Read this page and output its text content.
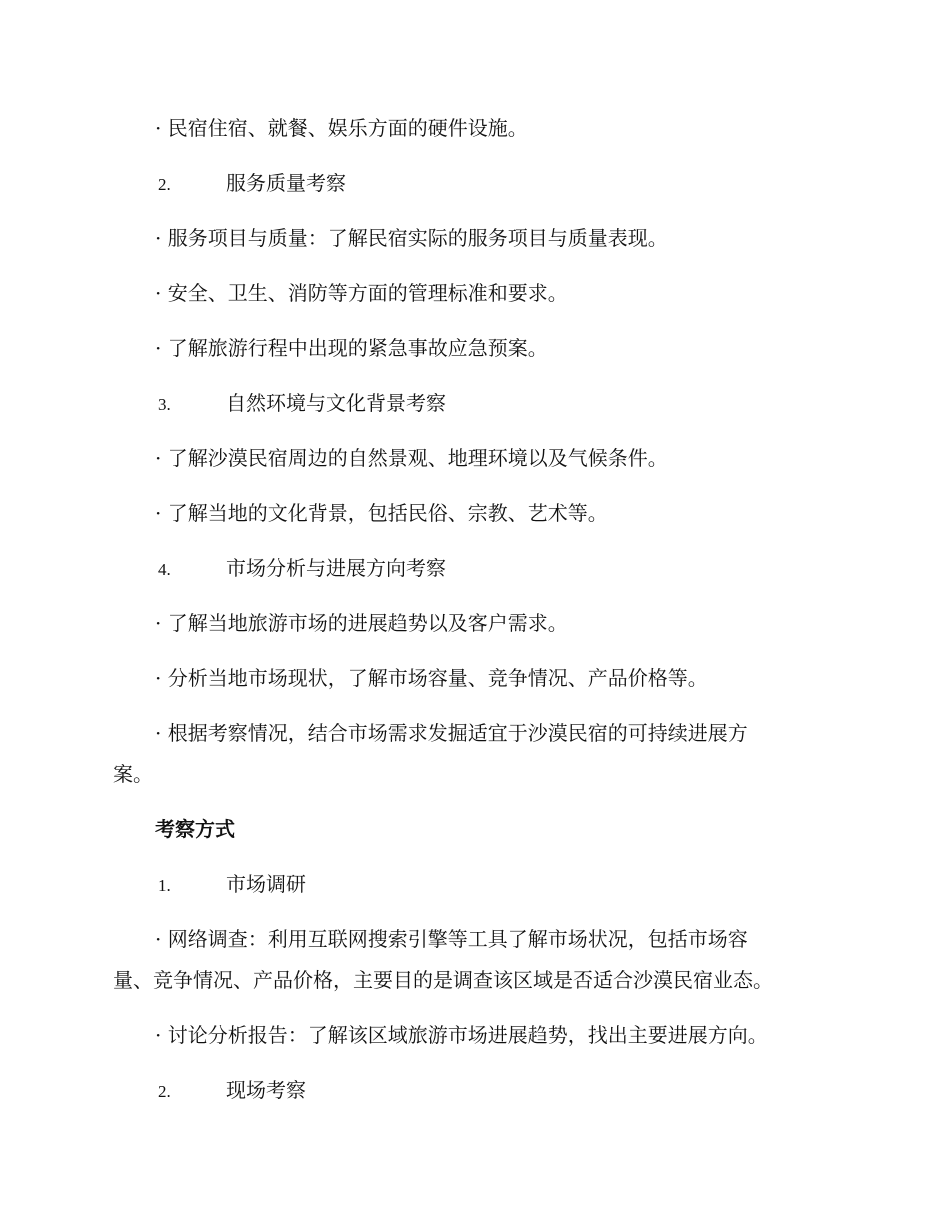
· 民宿住宿、就餐、娱乐方面的硬件设施。
2.	服务质量考察
· 服务项目与质量：了解民宿实际的服务项目与质量表现。
· 安全、卫生、消防等方面的管理标准和要求。
· 了解旅游行程中出现的紧急事故应急预案。
3.	自然环境与文化背景考察
· 了解沙漠民宿周边的自然景观、地理环境以及气候条件。
· 了解当地的文化背景，包括民俗、宗教、艺术等。
4.	市场分析与进展方向考察
· 了解当地旅游市场的进展趋势以及客户需求。
· 分析当地市场现状，了解市场容量、竞争情况、产品价格等。
· 根据考察情况，结合市场需求发掘适宜于沙漠民宿的可持续进展方
案。
考察方式
1.	市场调研
· 网络调查：利用互联网搜索引擎等工具了解市场状况，包括市场容
量、竞争情况、产品价格，主要目的是调查该区域是否适合沙漠民宿业态。
· 讨论分析报告：了解该区域旅游市场进展趋势，找出主要进展方向。
2.	现场考察
